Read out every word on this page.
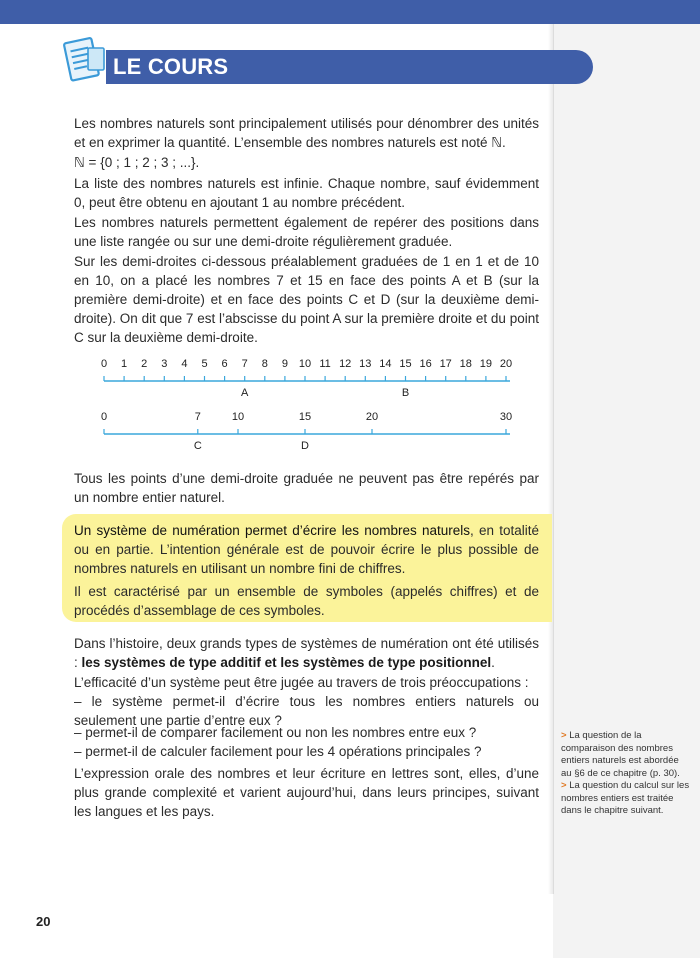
LE COURS

Les nombres naturels sont principalement utilisés pour dénombrer des unités et en exprimer la quantité. L’ensemble des nombres naturels est noté ℕ.

ℕ = {0 ; 1 ; 2 ; 3 ; ...}.

La liste des nombres naturels est infinie. Chaque nombre, sauf évidemment 0, peut être obtenu en ajoutant 1 au nombre précédent.

Les nombres naturels permettent également de repérer des positions dans une liste rangée ou sur une demi-droite régulièrement graduée.

Sur les demi-droites ci-dessous préalablement graduées de 1 en 1 et de 10 en 10, on a placé les nombres 7 et 15 en face des points A et B (sur la première demi-droite) et en face des points C et D (sur la deuxième demi-droite). On dit que 7 est l’abscisse du point A sur la première droite et du point C sur la deuxième demi-droite.

0 1 2 3 4 5 6 7 8 9 10 11 12 13 14 15 16 17 18 19 20
A	B
0	7	10	15	20	30
C	D

Tous les points d’une demi-droite graduée ne peuvent pas être repérés par un nombre entier naturel.

Un système de numération permet d’écrire les nombres naturels, en totalité ou en partie. L’intention générale est de pouvoir écrire le plus possible de nombres naturels en utilisant un nombre fini de chiffres.
Il est caractérisé par un ensemble de symboles (appelés chiffres) et de procédés d’assemblage de ces symboles.
Dans l’histoire, deux grands types de systèmes de numération ont été utilisés : les systèmes de type additif et les systèmes de type positionnel.

L’efficacité d’un système peut être jugée au travers de trois préoccupations :

– le système permet-il d’écrire tous les nombres entiers naturels ou seulement une partie d’entre eux ?

– permet-il de comparer facilement ou non les nombres entre eux ?

– permet-il de calculer facilement pour les 4 opérations principales ?

L’expression orale des nombres et leur écriture en lettres sont, elles, d’une plus grande complexité et varient aujourd’hui, dans leurs principes, suivant les langues et les pays.

> La question de la comparaison des nombres entiers naturels est abordée au §6 de ce chapitre (p. 30).
> La question du calcul sur les nombres entiers est traitée dans le chapitre suivant.
20
